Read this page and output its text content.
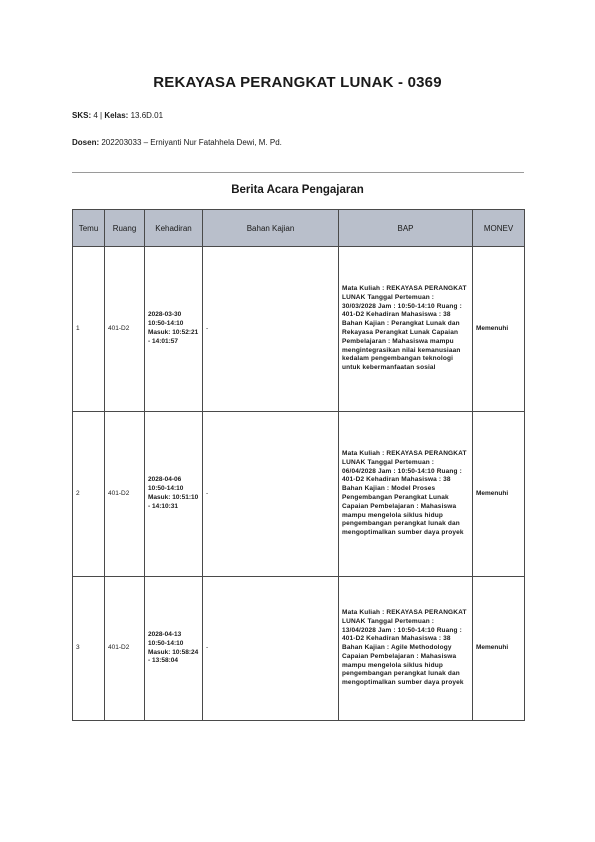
REKAYASA PERANGKAT LUNAK - 0369
SKS: 4 | Kelas: 13.6D.01
Dosen: 202203033 – Erniyanti Nur Fatahhela Dewi, M. Pd.
Berita Acara Pengajaran
Temu	Ruang	Kehadiran	Bahan Kajian	BAP	MONEV
1	401-D2	2028-03-30 10:50-14:10 Masuk: 10:52:21 - 14:01:57	-	Mata Kuliah : REKAYASA PERANGKAT LUNAK Tanggal Pertemuan : 30/03/2028 Jam : 10:50-14:10 Ruang : 401-D2 Kehadiran Mahasiswa : 38 Bahan Kajian : Perangkat Lunak dan Rekayasa Perangkat Lunak Capaian Pembelajaran : Mahasiswa mampu mengintegrasikan nilai kemanusiaan kedalam pengembangan teknologi untuk kebermanfaatan sosial	Memenuhi
2	401-D2	2028-04-06 10:50-14:10 Masuk: 10:51:10 - 14:10:31	-	Mata Kuliah : REKAYASA PERANGKAT LUNAK Tanggal Pertemuan : 06/04/2028 Jam : 10:50-14:10 Ruang : 401-D2 Kehadiran Mahasiswa : 38 Bahan Kajian : Model Proses Pengembangan Perangkat Lunak Capaian Pembelajaran : Mahasiswa mampu mengelola siklus hidup pengembangan perangkat lunak dan mengoptimalkan sumber daya proyek	Memenuhi
3	401-D2	2028-04-13 10:50-14:10 Masuk: 10:58:24 - 13:58:04	-	Mata Kuliah : REKAYASA PERANGKAT LUNAK Tanggal Pertemuan : 13/04/2028 Jam : 10:50-14:10 Ruang : 401-D2 Kehadiran Mahasiswa : 38 Bahan Kajian : Agile Methodology Capaian Pembelajaran : Mahasiswa mampu mengelola siklus hidup pengembangan perangkat lunak dan mengoptimalkan sumber daya proyek	Memenuhi
